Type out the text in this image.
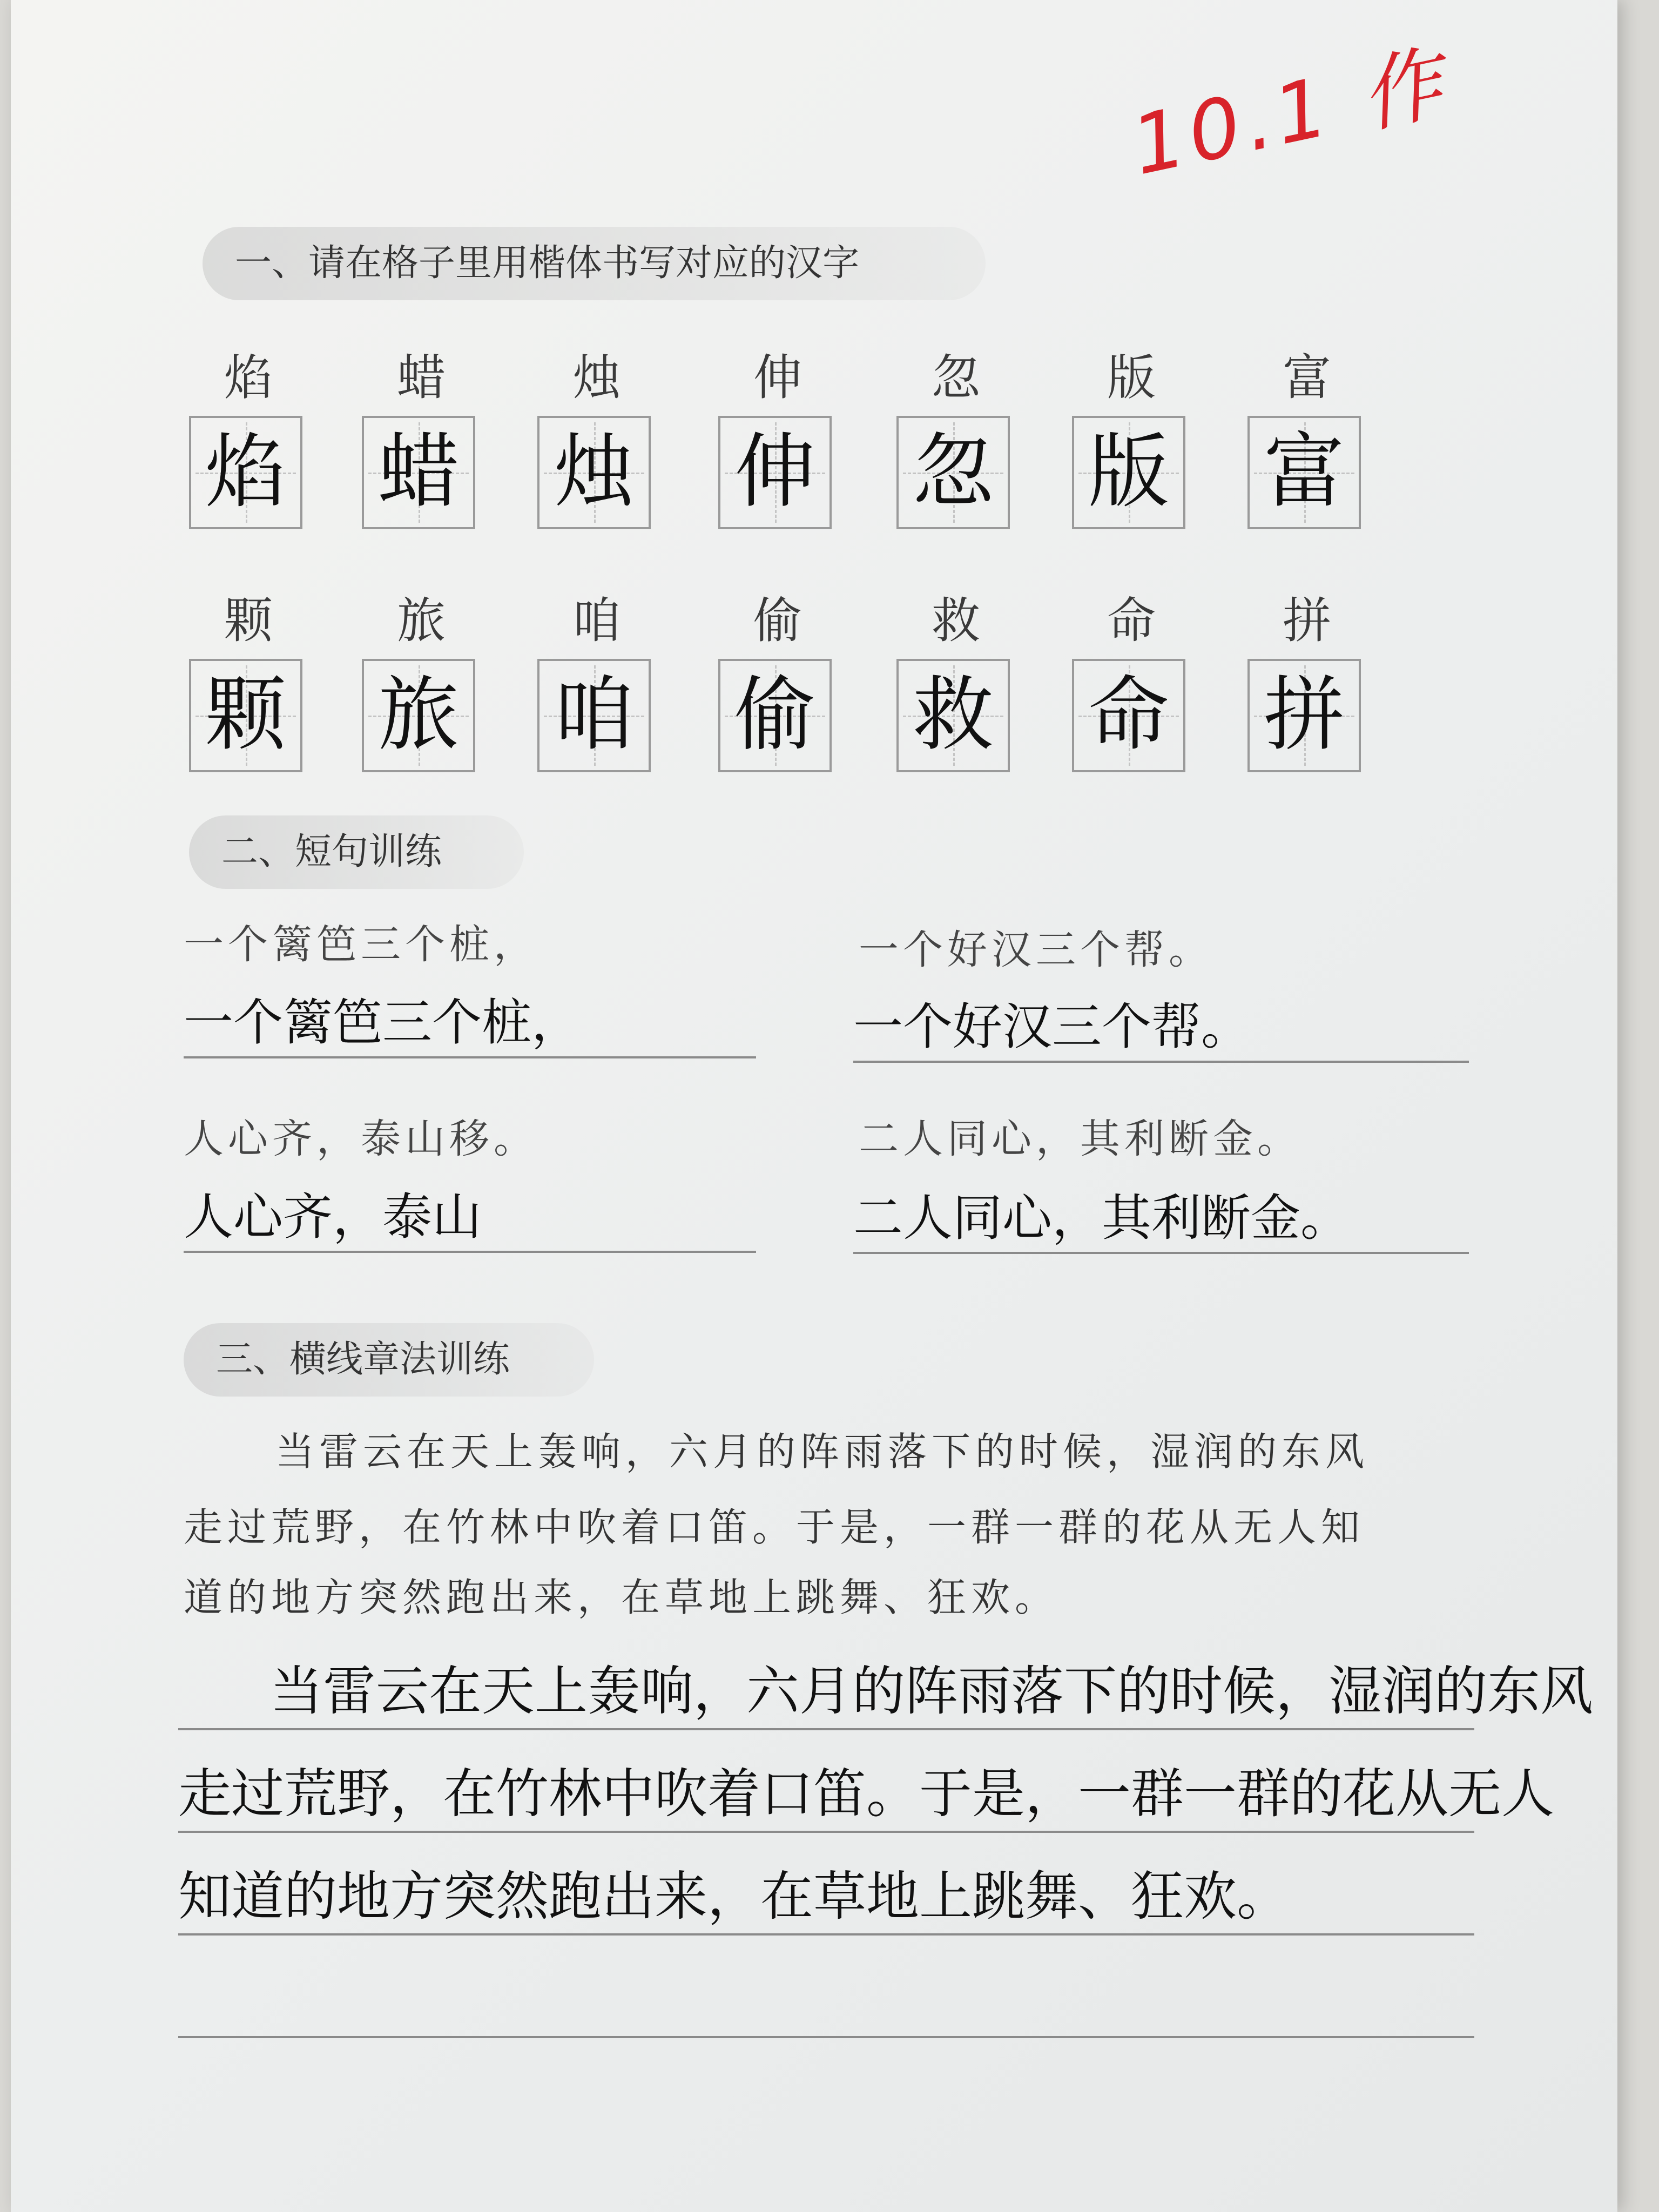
10.1 作
一、请在格子里用楷体书写对应的汉字
焰
焰
蜡
蜡
烛
烛
伸
伸
忽
忽
版
版
富
富
颗
颗
旅
旅
咱
咱
偷
偷
救
救
命
命
拼
拼
二、短句训练
一个篱笆三个桩，
一个篱笆三个桩，
一个好汉三个帮。
一个好汉三个帮。
人心齐，泰山移。
人心齐，泰山
二人同心，其利断金。
二人同心，其利断金。
三、横线章法训练
当雷云在天上轰响，六月的阵雨落下的时候，湿润的东风
走过荒野，在竹林中吹着口笛。于是，一群一群的花从无人知
道的地方突然跑出来，在草地上跳舞、狂欢。
当雷云在天上轰响，六月的阵雨落下的时候，湿润的东风
走过荒野，在竹林中吹着口笛。于是，一群一群的花从无人
知道的地方突然跑出来，在草地上跳舞、狂欢。
